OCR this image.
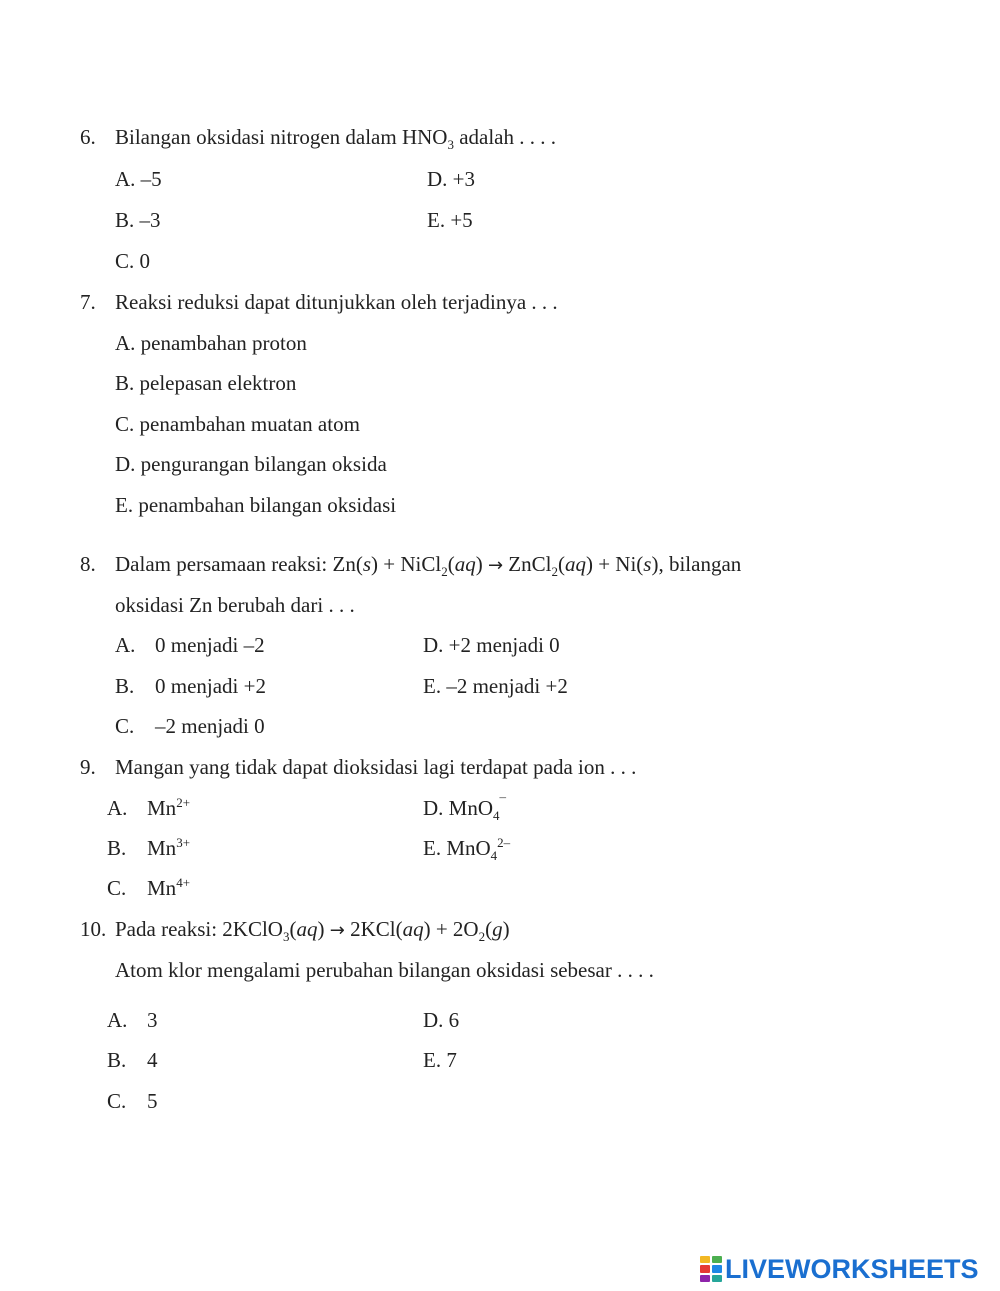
6. Bilangan oksidasi nitrogen dalam $HNO_3$ adalah . . . .
A. –5	D. +3
B. –3	E. +5
C. 0
7. Reaksi reduksi dapat ditunjukkan oleh terjadinya . . .
A. penambahan proton
B. pelepasan elektron
C. penambahan muatan atom
D. pengurangan bilangan oksida
E. penambahan bilangan oksidasi
8. Dalam persamaan reaksi: Zn(s) + NiCl$_2$(aq) → ZnCl$_2$(aq) + Ni(s), bilangan
oksidasi Zn berubah dari . . .
A. 0 menjadi –2	D. +2 menjadi 0
B. 0 menjadi +2	E. –2 menjadi +2
C. –2 menjadi 0
9. Mangan yang tidak dapat dioksidasi lagi terdapat pada ion . . .
A. $Mn^{2+}$	D. MnO$_4$¯
B. $Mn^{3+}$	E. MnO$_4^{2-}$
C. $Mn^{4+}$
10. Pada reaksi: 2KClO$_3$(aq) → $2KCl(aq) + 2O_2(g)$
Atom klor mengalami perubahan bilangan oksidasi sebesar . . . .
A. 3	D. 6
B. 4	E. 7
C. 5
LIVEWORKSHEETS
